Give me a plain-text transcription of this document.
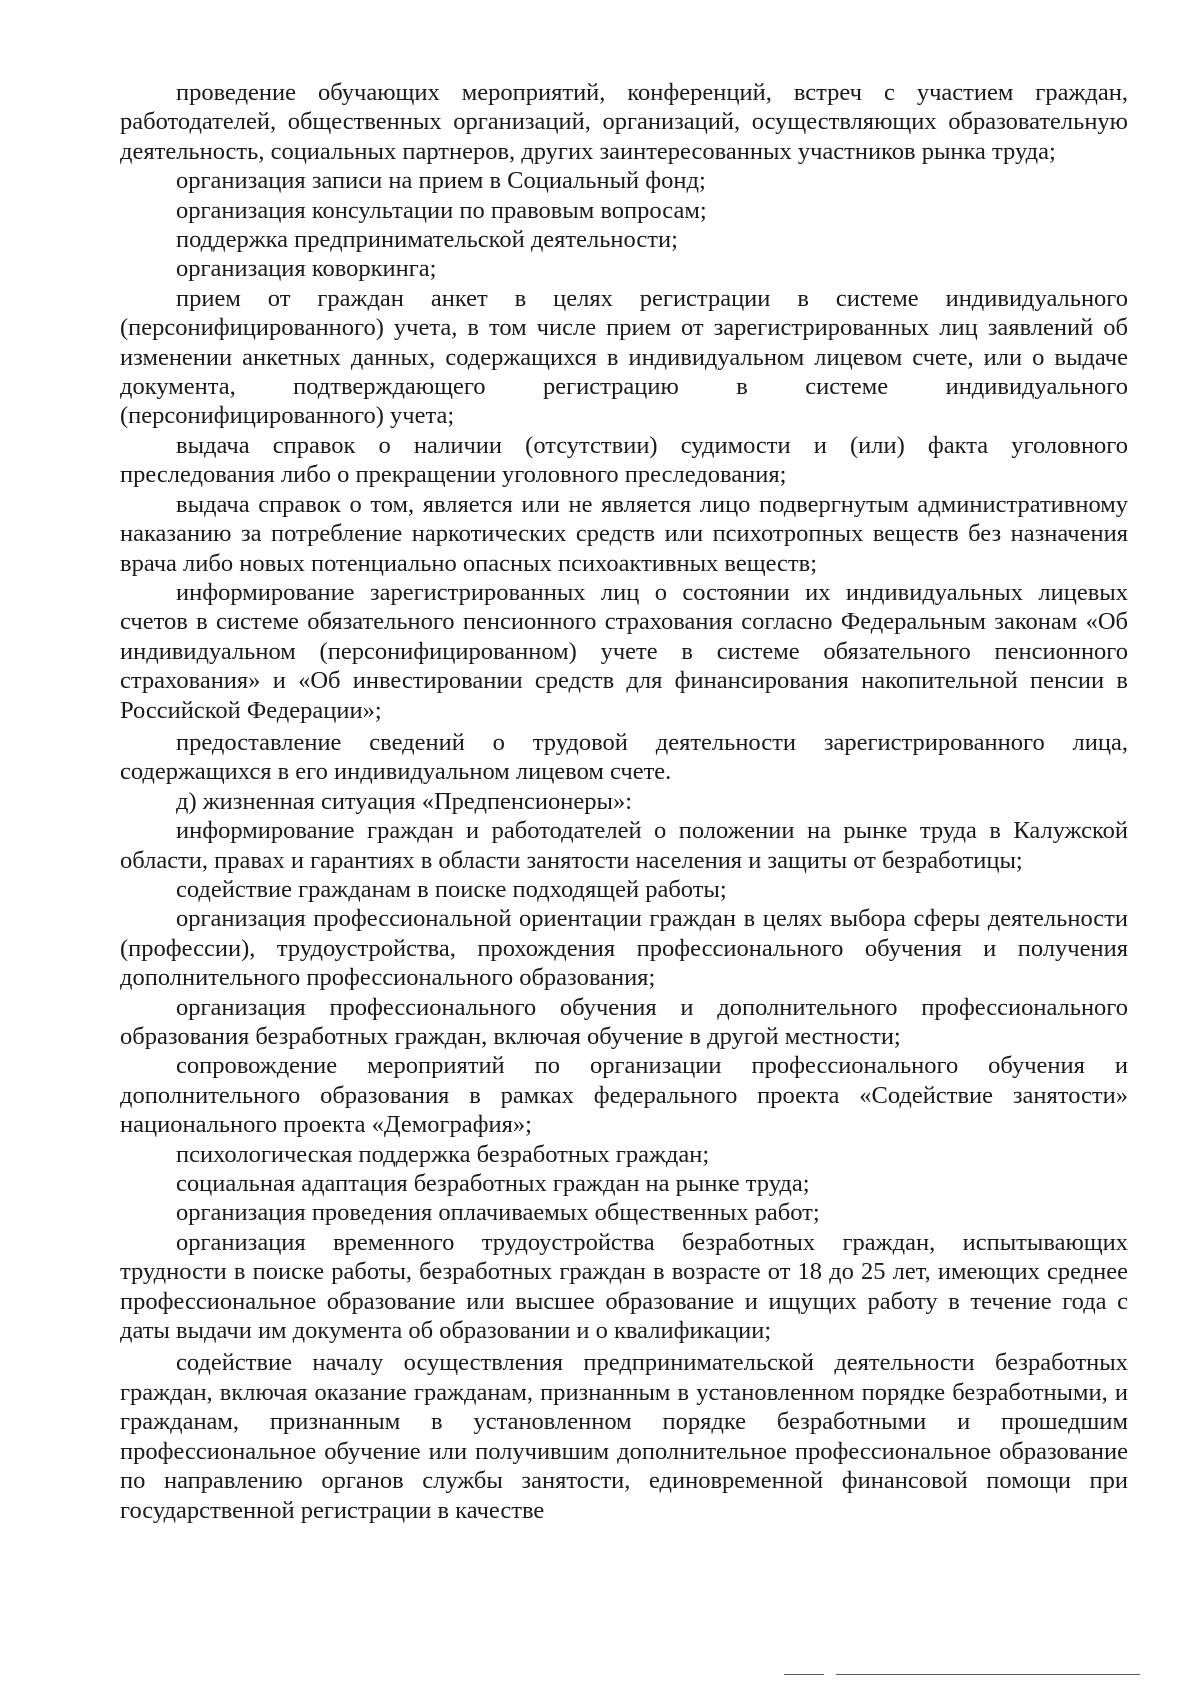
проведение обучающих мероприятий, конференций, встреч с участием граждан, работодателей, общественных организаций, организаций, осуществляющих образовательную деятельность, социальных партнеров, других заинтересованных участников рынка труда;

организация записи на прием в Социальный фонд;

организация консультации по правовым вопросам;

поддержка предпринимательской деятельности;

организация коворкинга;

прием от граждан анкет в целях регистрации в системе индивидуального (персонифицированного) учета, в том числе прием от зарегистрированных лиц заявлений об изменении анкетных данных, содержащихся в индивидуальном лицевом счете, или о выдаче документа, подтверждающего регистрацию в системе индивидуального (персонифицированного) учета;

выдача справок о наличии (отсутствии) судимости и (или) факта уголовного преследования либо о прекращении уголовного преследования;

выдача справок о том, является или не является лицо подвергнутым административному наказанию за потребление наркотических средств или психотропных веществ без назначения врача либо новых потенциально опасных психоактивных веществ;

информирование зарегистрированных лиц о состоянии их индивидуальных лицевых счетов в системе обязательного пенсионного страхования согласно Федеральным законам «Об индивидуальном (персонифицированном) учете в системе обязательного пенсионного страхования» и «Об инвестировании средств для финансирования накопительной пенсии в Российской Федерации»;

предоставление сведений о трудовой деятельности зарегистрированного лица, содержащихся в его индивидуальном лицевом счете.

д) жизненная ситуация «Предпенсионеры»:

информирование граждан и работодателей о положении на рынке труда в Калужской области, правах и гарантиях в области занятости населения и защиты от безработицы;

содействие гражданам в поиске подходящей работы;

организация профессиональной ориентации граждан в целях выбора сферы деятельности (профессии), трудоустройства, прохождения профессионального обучения и получения дополнительного профессионального образования;

организация профессионального обучения и дополнительного профессионального образования безработных граждан, включая обучение в другой местности;

сопровождение мероприятий по организации профессионального обучения и дополнительного образования в рамках федерального проекта «Содействие занятости» национального проекта «Демография»;

психологическая поддержка безработных граждан;

социальная адаптация безработных граждан на рынке труда;

организация проведения оплачиваемых общественных работ;

организация временного трудоустройства безработных граждан, испытывающих трудности в поиске работы, безработных граждан в возрасте от 18 до 25 лет, имеющих среднее профессиональное образование или высшее образование и ищущих работу в течение года с даты выдачи им документа об образовании и о квалификации;

содействие началу осуществления предпринимательской деятельности безработных граждан, включая оказание гражданам, признанным в установленном порядке безработными, и гражданам, признанным в установленном порядке безработными и прошедшим профессиональное обучение или получившим дополнительное профессиональное образование по направлению органов службы занятости, единовременной финансовой помощи при государственной регистрации в качестве
